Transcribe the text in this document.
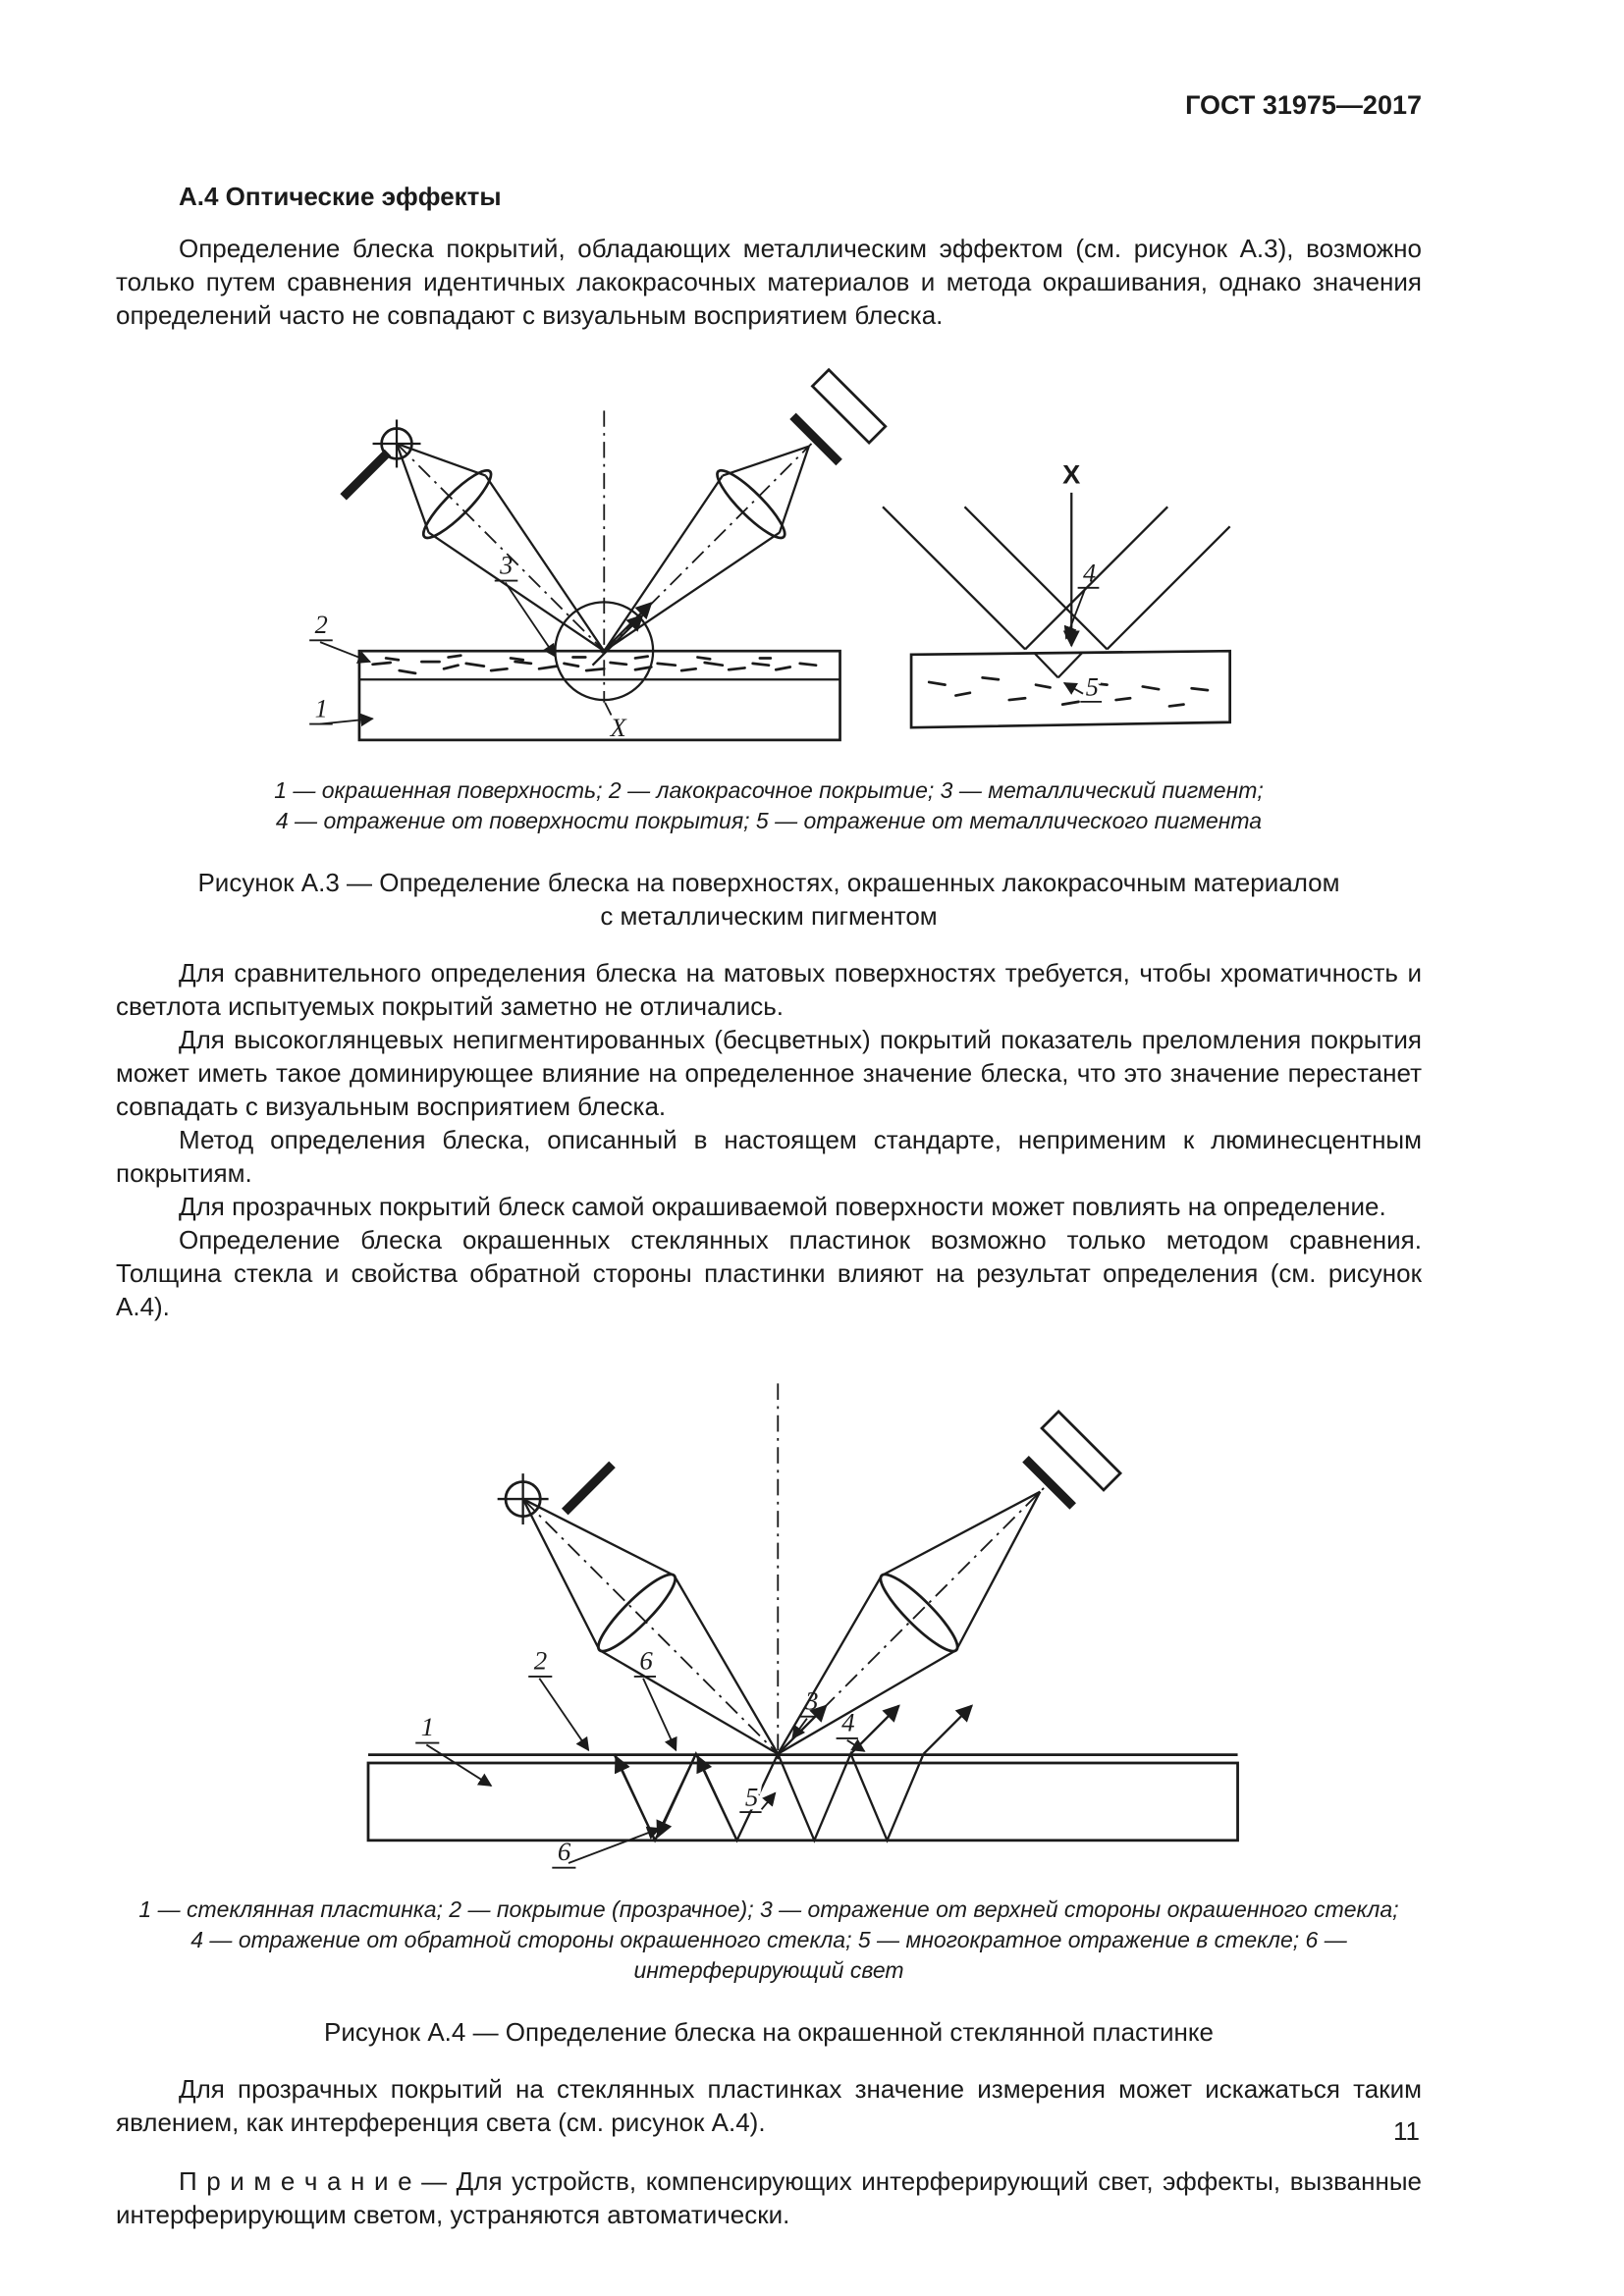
ГОСТ 31975—2017
А.4 Оптические эффекты

Определение блеска покрытий, обладающих металлическим эффектом (см. рисунок А.3), возможно только путем сравнения идентичных лакокрасочных материалов и метода окрашивания, однако значения определений часто не совпадают с визуальным восприятием блеска.

3
2
1
X
X
4
5
1 — окрашенная поверхность; 2 — лакокрасочное покрытие; 3 — металлический пигмент;
4 — отражение от поверхности покрытия; 5 — отражение от металлического пигмента
Рисунок А.3 — Определение блеска на поверхностях, окрашенных лакокрасочным материалом
с металлическим пигментом

Для сравнительного определения блеска на матовых поверхностях требуется, чтобы хроматичность и светлота испытуемых покрытий заметно не отличались.

Для высокоглянцевых непигментированных (бесцветных) покрытий показатель преломления покрытия может иметь такое доминирующее влияние на определенное значение блеска, что это значение перестанет совпадать с визуальным восприятием блеска.

Метод определения блеска, описанный в настоящем стандарте, неприменим к люминесцентным покрытиям.

Для прозрачных покрытий блеск самой окрашиваемой поверхности может повлиять на определение.

Определение блеска окрашенных стеклянных пластинок возможно только методом сравнения. Толщина стекла и свойства обратной стороны пластинки влияют на результат определения (см. рисунок А.4).

2	6
1
3
4
5
6
1 — стеклянная пластинка; 2 — покрытие (прозрачное); 3 — отражение от верхней стороны окрашенного стекла;
4 — отражение от обратной стороны окрашенного стекла; 5 — многократное отражение в стекле; 6 — интерферирующий свет
Рисунок А.4 — Определение блеска на окрашенной стеклянной пластинке

Для прозрачных покрытий на стеклянных пластинках значение измерения может искажаться таким явлением, как интерференция света (см. рисунок А.4).

П р и м е ч а н и е — Для устройств, компенсирующих интерферирующий свет, эффекты, вызванные интерферирующим светом, устраняются автоматически.

11
